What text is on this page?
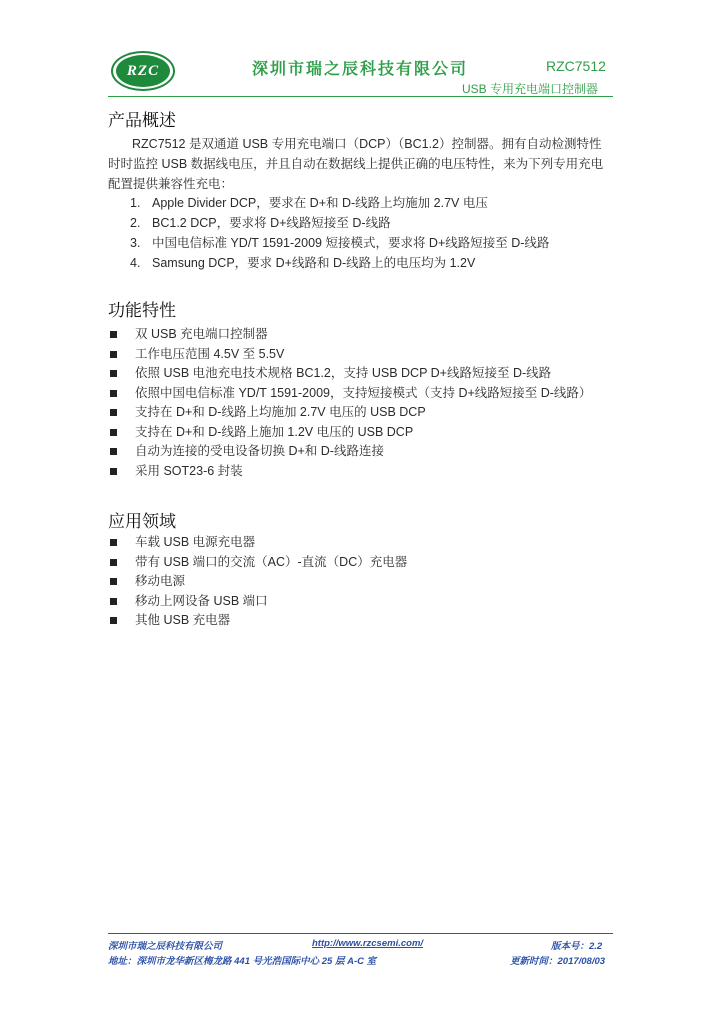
RZC	深圳市瑞之辰科技有限公司	RZC7512
USB 专用充电端口控制器
产品概述

RZC7512 是双通道 USB 专用充电端口（DCP）（BC1.2）控制器。拥有自动检测特性时时监控 USB 数据线电压，并且自动在数据线上提供正确的电压特性，来为下列专用充电配置提供兼容性充电：

1. Apple Divider DCP，要求在 D+和 D-线路上均施加 2.7V 电压
2. BC1.2 DCP，要求将 D+线路短接至 D-线路
3. 中国电信标准 YD/T 1591-2009 短接模式，要求将 D+线路短接至 D-线路
4. Samsung DCP，要求 D+线路和 D-线路上的电压均为 1.2V
功能特性
双 USB 充电端口控制器
工作电压范围 4.5V 至 5.5V
依照 USB 电池充电技术规格 BC1.2，支持 USB DCP D+线路短接至 D-线路
依照中国电信标准 YD/T 1591-2009，支持短接模式（支持 D+线路短接至 D-线路）
支持在 D+和 D-线路上均施加 2.7V 电压的 USB DCP
支持在 D+和 D-线路上施加 1.2V 电压的 USB DCP
自动为连接的受电设备切换 D+和 D-线路连接
采用 SOT23-6 封装
应用领域
车载 USB 电源充电器
带有 USB 端口的交流（AC）-直流（DC）充电器
移动电源
移动上网设备 USB 端口
其他 USB 充电器
深圳市瑞之辰科技有限公司	http://www.rzcsemi.com/	版本号：2.2
地址：深圳市龙华新区梅龙路 441 号光浩国际中心 25 层 A-C 室	更新时间：2017/08/03
